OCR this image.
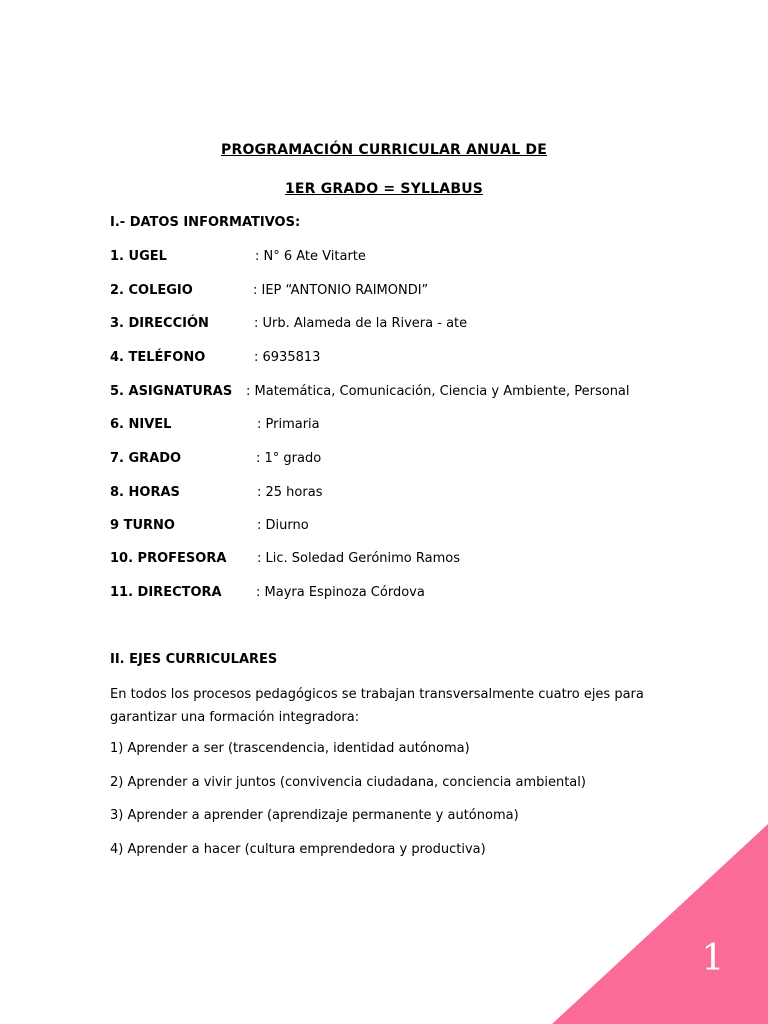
PROGRAMACIÓN CURRICULAR ANUAL DE
1ER GRADO = SYLLABUS
I.- DATOS INFORMATIVOS:
1. UGEL	: N° 6 Ate Vitarte
2. COLEGIO	: IEP “ANTONIO RAIMONDI”
3. DIRECCIÓN	: Urb. Alameda de la Rivera - ate
4. TELÉFONO	: 6935813
5. ASIGNATURAS : Matemática, Comunicación, Ciencia y Ambiente, Personal
6. NIVEL	: Primaria
7. GRADO	: 1° grado
8. HORAS	: 25 horas
9 TURNO	: Diurno
10. PROFESORA : Lic. Soledad Gerónimo Ramos
11. DIRECTORA	: Mayra Espinoza Córdova
II. EJES CURRICULARES
En todos los procesos pedagógicos se trabajan transversalmente cuatro ejes para garantizar una formación integradora:
1) Aprender a ser (trascendencia, identidad autónoma)
2) Aprender a vivir juntos (convivencia ciudadana, conciencia ambiental)
3) Aprender a aprender (aprendizaje permanente y autónoma)
4) Aprender a hacer (cultura emprendedora y productiva)
1
